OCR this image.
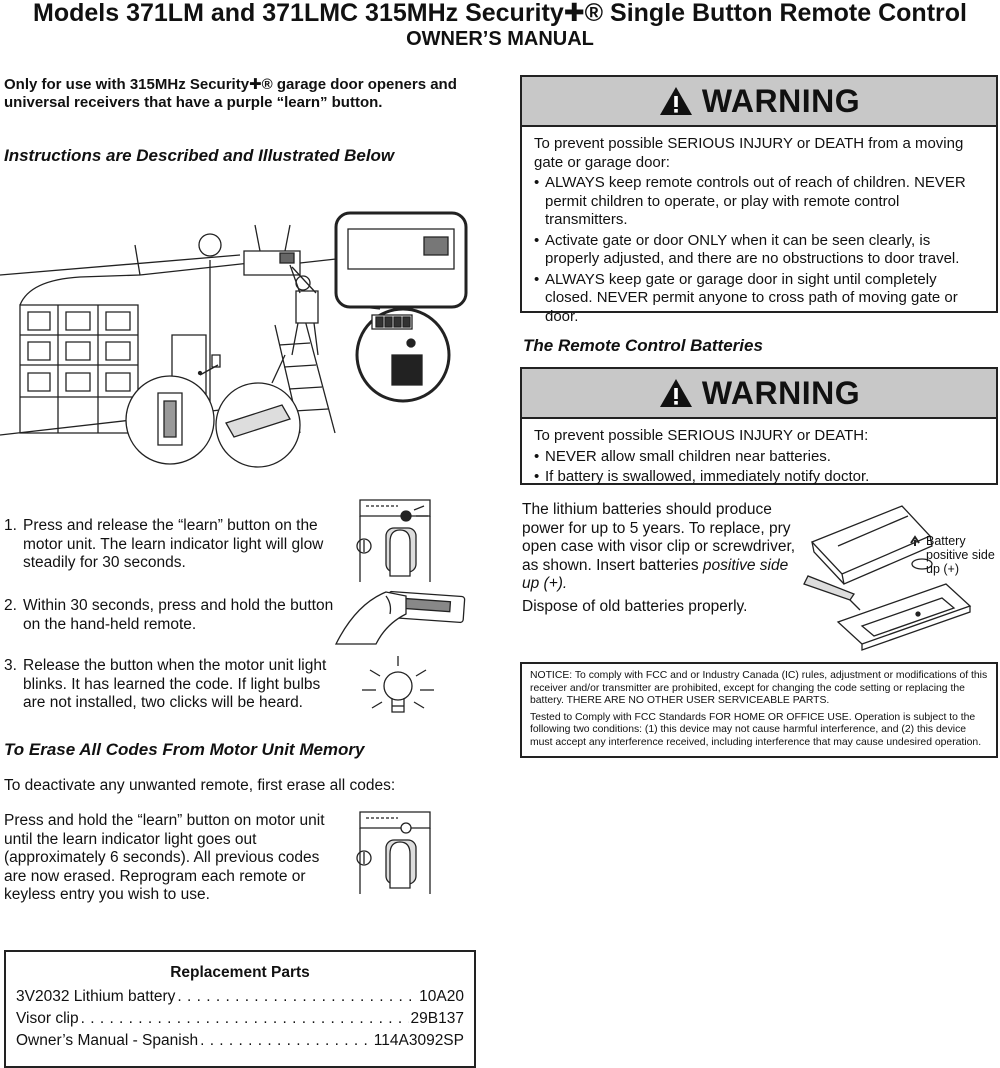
Models 371LM and 371LMC 315MHz Security✚® Single Button Remote Control
OWNER’S MANUAL
Only for use with 315MHz Security✚® garage door openers and universal receivers that have a purple “learn” button.
Instructions are Described and Illustrated Below
1. Press and release the “learn” button on the motor unit. The learn indicator light will glow steadily for 30 seconds.
2. Within 30 seconds, press and hold the button on the hand-held remote.
3. Release the button when the motor unit light blinks. It has learned the code. If light bulbs are not installed, two clicks will be heard.
To Erase All Codes From Motor Unit Memory
To deactivate any unwanted remote, first erase all codes:
Press and hold the “learn” button on motor unit until the learn indicator light goes out (approximately 6 seconds). All previous codes are now erased. Reprogram each remote or keyless entry you wish to use.
Replacement Parts
3V2032 Lithium battery . . .	10A20
Visor clip . . .	29B137
Owner’s Manual - Spanish . . .	114A3092SP
WARNING
To prevent possible SERIOUS INJURY or DEATH from a moving gate or garage door:
• ALWAYS keep remote controls out of reach of children. NEVER permit children to operate, or play with remote control transmitters.
• Activate gate or door ONLY when it can be seen clearly, is properly adjusted, and there are no obstructions to door travel.
• ALWAYS keep gate or garage door in sight until completely closed. NEVER permit anyone to cross path of moving gate or door.
The Remote Control Batteries
WARNING
To prevent possible SERIOUS INJURY or DEATH:
• NEVER allow small children near batteries.
• If battery is swallowed, immediately notify doctor.
The lithium batteries should produce power for up to 5 years. To replace, pry open case with visor clip or screwdriver, as shown. Insert batteries positive side up (+).
Dispose of old batteries properly.
Battery positive side up (+)

NOTICE: To comply with FCC and or Industry Canada (IC) rules, adjustment or modifications of this receiver and/or transmitter are prohibited, except for changing the code setting or replacing the battery. THERE ARE NO OTHER USER SERVICEABLE PARTS.

Tested to Comply with FCC Standards FOR HOME OR OFFICE USE. Operation is subject to the following two conditions: (1) this device may not cause harmful interference, and (2) this device must accept any interference received, including interference that may cause undesired operation.
